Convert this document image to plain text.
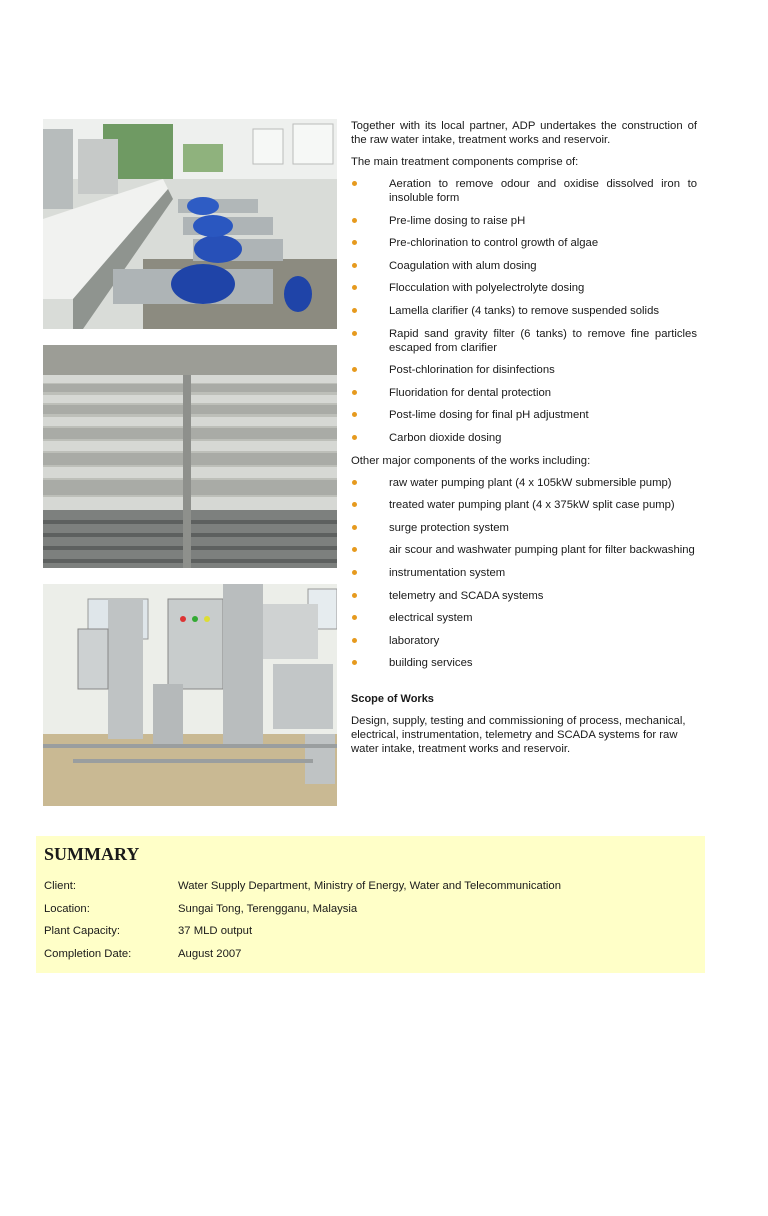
Together with its local partner, ADP undertakes the construction of the raw water intake, treatment works and reservoir.

The main treatment components comprise of:

Aeration to remove odour and oxidise dissolved iron to insoluble form
Pre-lime dosing to raise pH
Pre-chlorination to control growth of algae
Coagulation with alum dosing
Flocculation with polyelectrolyte dosing
Lamella clarifier (4 tanks) to remove suspended solids
Rapid sand gravity filter (6 tanks) to remove fine particles escaped from clarifier
Post-chlorination for disinfections
Fluoridation for dental protection
Post-lime dosing for final pH adjustment
Carbon dioxide dosing

Other major components of the works including:

raw water pumping plant (4 x 105kW submersible pump)
treated water pumping plant (4 x 375kW split case pump)
surge protection system
air scour and washwater pumping plant for filter backwashing
instrumentation system
telemetry and SCADA systems
electrical system
laboratory
building services
Scope of Works

Design, supply, testing and commissioning of process, mechanical, electrical, instrumentation, telemetry and SCADA systems for raw water intake, treatment works and reservoir.

SUMMARY
Client:	Water Supply Department, Ministry of Energy, Water and Telecommunication
Location:	Sungai Tong, Terengganu, Malaysia
Plant Capacity:	37 MLD output
Completion Date:	August 2007
